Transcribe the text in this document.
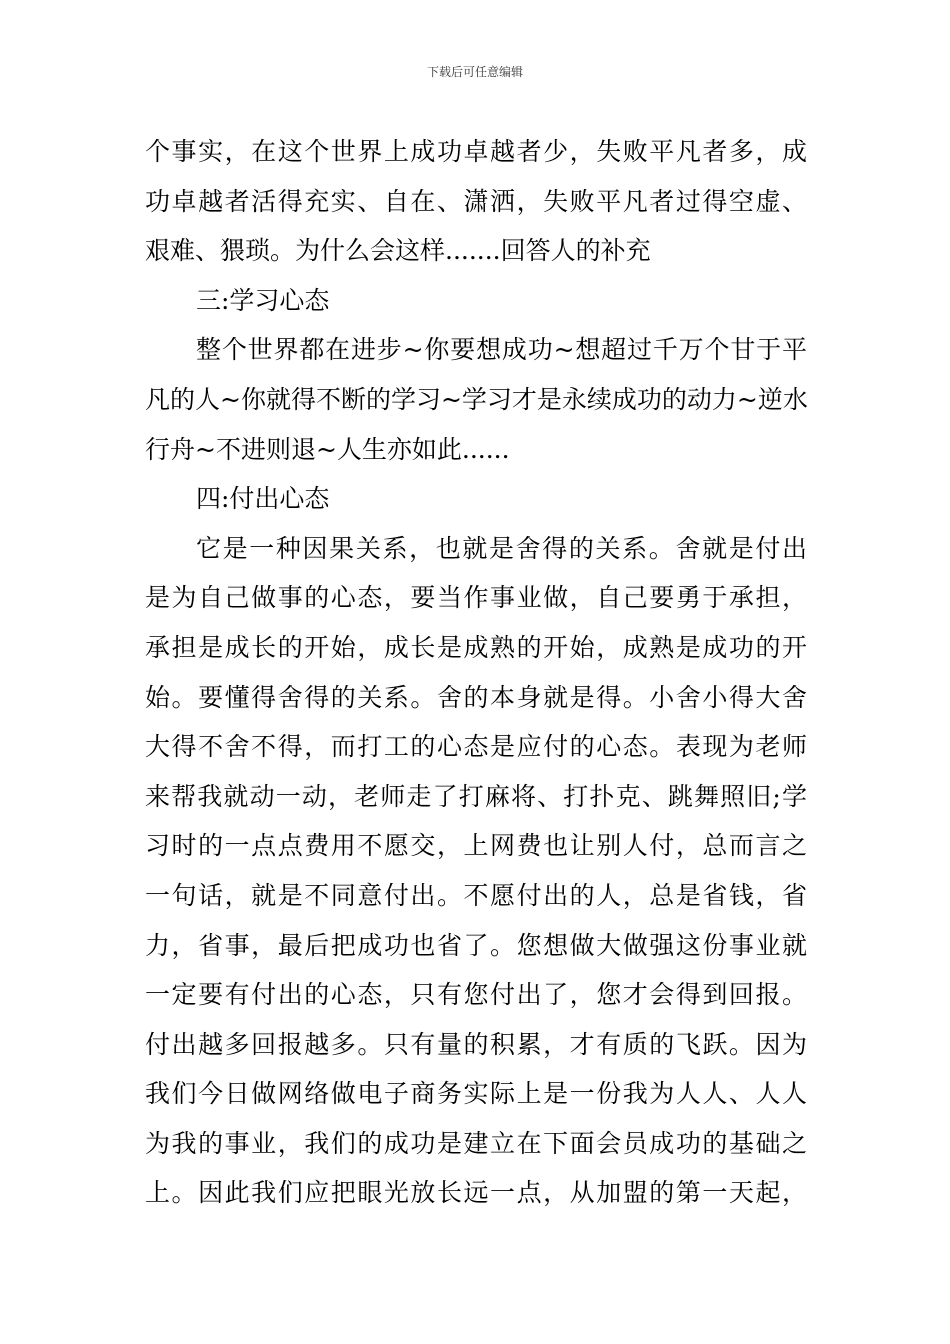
下载后可任意编辑
个事实，在这个世界上成功卓越者少，失败平凡者多，成
功卓越者活得充实、自在、潇洒，失败平凡者过得空虚、
艰难、猥琐。为什么会这样.......回答人的补充
三:学习心态
整个世界都在进步~你要想成功~想超过千万个甘于平
凡的人~你就得不断的学习~学习才是永续成功的动力~逆水
行舟~不进则退~人生亦如此......
四:付出心态
它是一种因果关系，也就是舍得的关系。舍就是付出
是为自己做事的心态，要当作事业做，自己要勇于承担，
承担是成长的开始，成长是成熟的开始，成熟是成功的开
始。要懂得舍得的关系。舍的本身就是得。小舍小得大舍
大得不舍不得，而打工的心态是应付的心态。表现为老师
来帮我就动一动，老师走了打麻将、打扑克、跳舞照旧;学
习时的一点点费用不愿交，上网费也让别人付，总而言之
一句话，就是不同意付出。不愿付出的人，总是省钱，省
力，省事，最后把成功也省了。您想做大做强这份事业就
一定要有付出的心态，只有您付出了，您才会得到回报。
付出越多回报越多。只有量的积累，才有质的飞跃。因为
我们今日做网络做电子商务实际上是一份我为人人、人人
为我的事业，我们的成功是建立在下面会员成功的基础之
上。因此我们应把眼光放长远一点，从加盟的第一天起，
